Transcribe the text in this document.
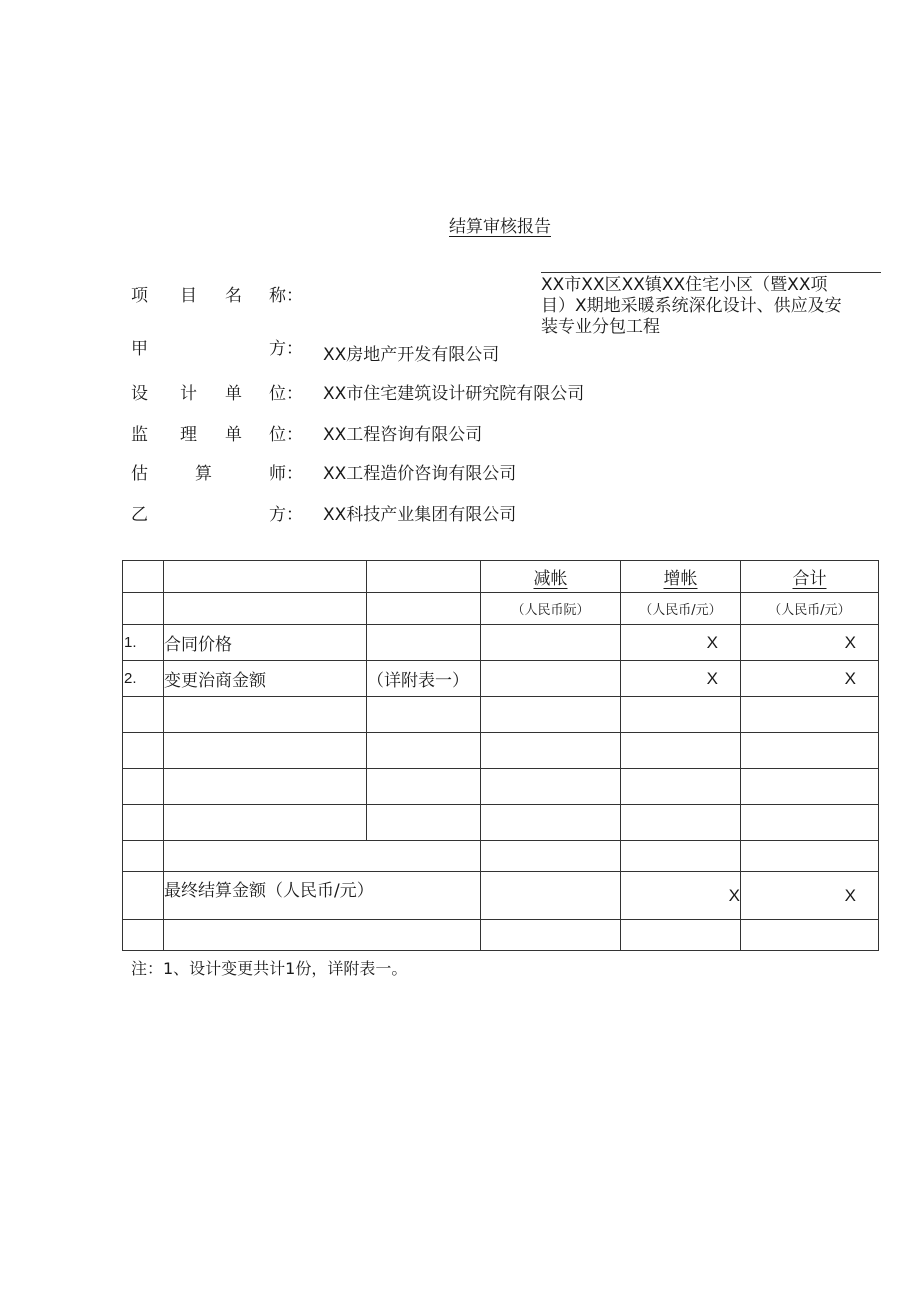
结算审核报告
项 目 名 称：
XX市XX区XX镇XX住宅小区（暨XX项
目）X期地采暖系统深化设计、供应及安
装专业分包工程
甲	方： XX房地产开发有限公司
设 计 单 位： XX市住宅建筑设计研究院有限公司
监 理 单 位： XX工程咨询有限公司
估	算	师： XX工程造价咨询有限公司
乙	方： XX科技产业集团有限公司
			减帐	增帐	合计
			（人民币阮）	（人民币/元）	（人民币/元）
1.	合同价格			X	X
2.	变更治商金额	（详附表一）		X	X

	最终结算金额（人民币/元）			X	X

注：1、设计变更共计1份，详附表一。
